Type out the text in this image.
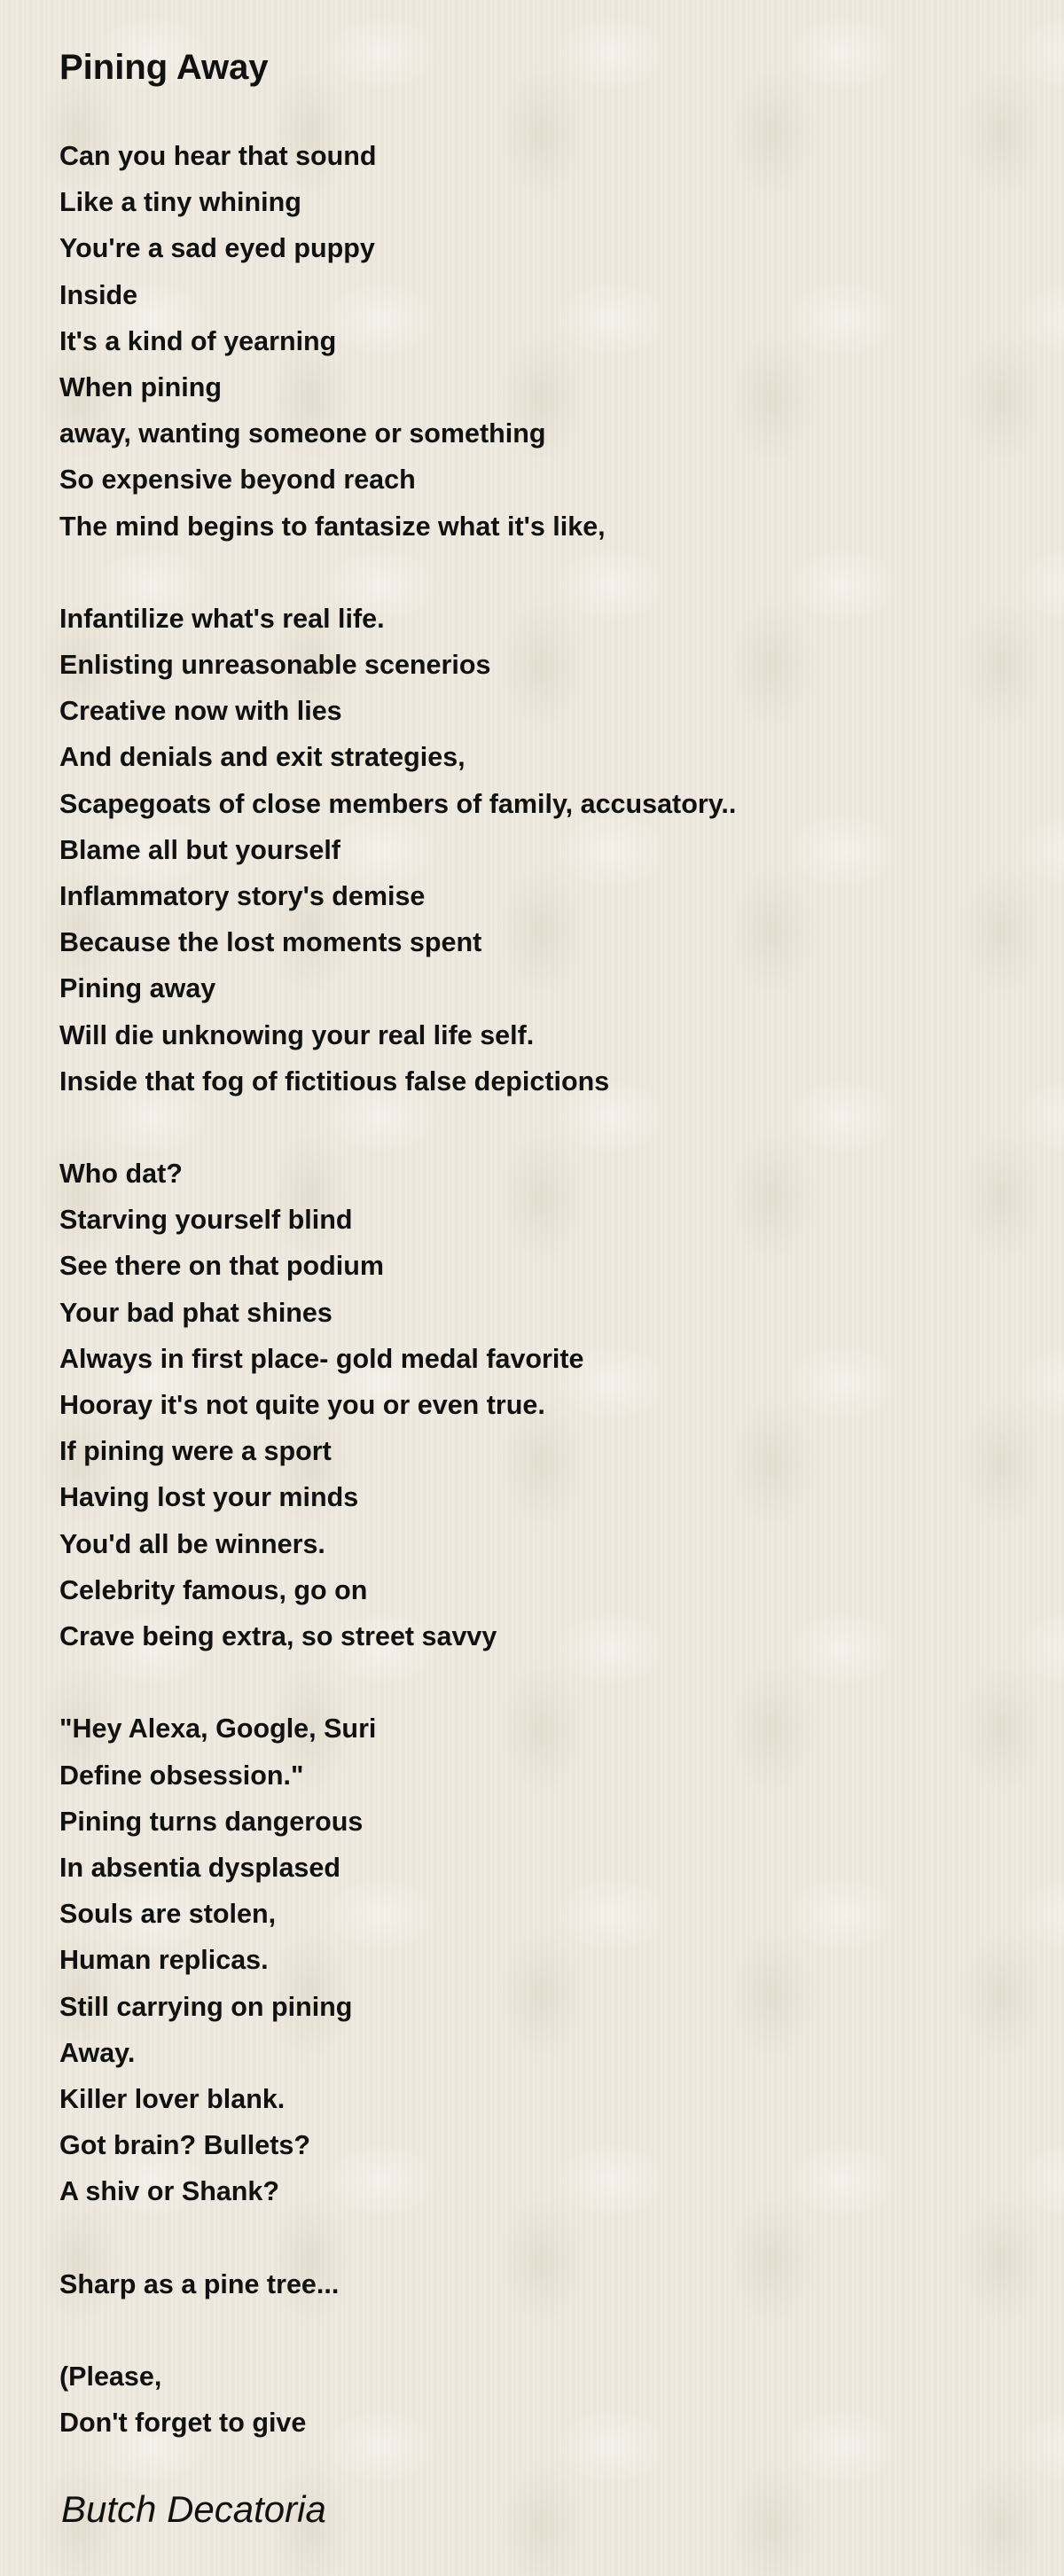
Pining Away
Can you hear that sound
Like a tiny whining
You're a sad eyed puppy
Inside
It's a kind of yearning
When pining
away, wanting someone or something
So expensive beyond reach
The mind begins to fantasize what it's like,
Infantilize what's real life.
Enlisting unreasonable scenerios
Creative now with lies
And denials and exit strategies,
Scapegoats of close members of family, accusatory..
Blame all but yourself
Inflammatory story's demise
Because the lost moments spent
Pining away
Will die unknowing your real life self.
Inside that fog of fictitious false depictions
Who dat?
Starving yourself blind
See there on that podium
Your bad phat shines
Always in first place- gold medal favorite
Hooray it's not quite you or even true.
If pining were a sport
Having lost your minds
You'd all be winners.
Celebrity famous, go on
Crave being extra, so street savvy
"Hey Alexa, Google, Suri
Define obsession."
Pining turns dangerous
In absentia dysplased
Souls are stolen,
Human replicas.
Still carrying on pining
Away.
Killer lover blank.
Got brain? Bullets?
A shiv or Shank?
Sharp as a pine tree...
(Please,
Don't forget to give

Butch Decatoria
